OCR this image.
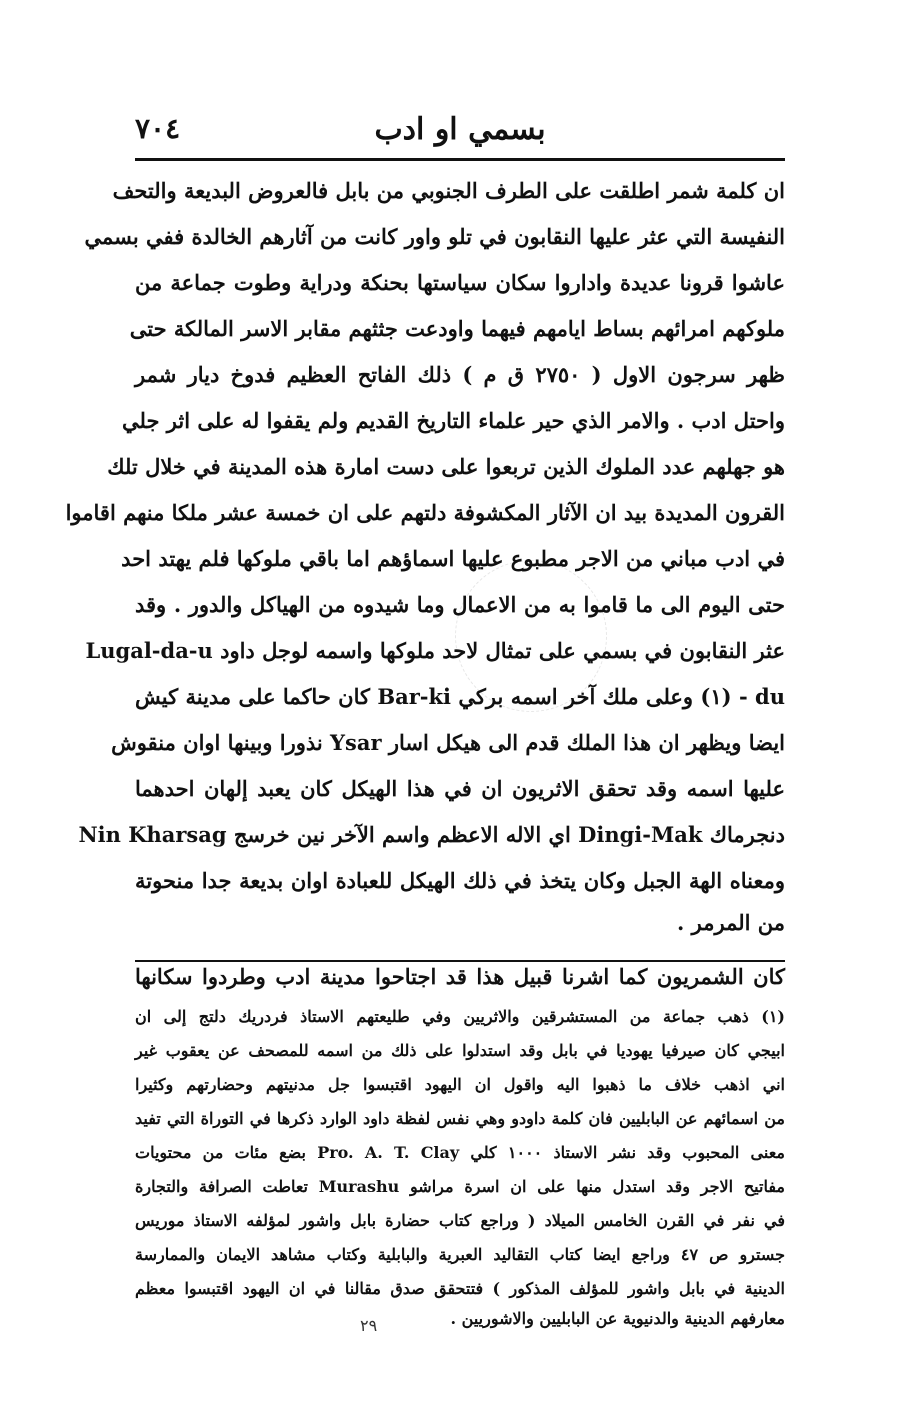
٧٠٤	بسمي او ادب
ان كلمة شمر اطلقت على الطرف الجنوبي من بابل فالعروض البديعة والتحف
النفيسة التي عثر عليها النقابون في تلو واور كانت من آثارهم الخالدة ففي بسمي
عاشوا قرونا عديدة واداروا سكان سياستها بحنكة ودراية وطوت جماعة من
ملوكهم امرائهم بساط ايامهم فيهما واودعت جثثهم مقابر الاسر المالكة حتى
ظهر سرجون الاول ( ٢٧٥٠ ق م ) ذلك الفاتح العظيم فدوخ ديار شمر
واحتل ادب . والامر الذي حير علماء التاريخ القديم ولم يقفوا له على اثر جلي
هو جهلهم عدد الملوك الذين تربعوا على دست امارة هذه المدينة في خلال تلك
القرون المديدة بيد ان الآثار المكشوفة دلتهم على ان خمسة عشر ملكا منهم اقاموا
في ادب مباني من الاجر مطبوع عليها اسماؤهم اما باقي ملوكها فلم يهتد احد
حتى اليوم الى ما قاموا به من الاعمال وما شيدوه من الهياكل والدور . وقد
عثر النقابون في بسمي على تمثال لاحد ملوكها واسمه لوجل داود Lugal-da-u
du - (١) وعلى ملك آخر اسمه بركي Bar-ki كان حاكما على مدينة كيش
ايضا ويظهر ان هذا الملك قدم الى هيكل اسار Ysar نذورا وبينها اوان منقوش
عليها اسمه وقد تحقق الاثريون ان في هذا الهيكل كان يعبد إلهان احدهما
دنجرماك Dingi-Mak اي الاله الاعظم واسم الآخر نين خرسج Nin Kharsag
ومعناه الهة الجبل وكان يتخذ في ذلك الهيكل للعبادة اوان بديعة جدا منحوتة
من المرمر .
كان الشمريون كما اشرنا قبيل هذا قد اجتاحوا مدينة ادب وطردوا سكانها
(١) ذهب جماعة من المستشرقين والاثريين وفي طليعتهم الاستاذ فردريك دلتج إلى ان
ابيجي كان صيرفيا يهوديا في بابل وقد استدلوا على ذلك من اسمه للمصحف عن يعقوب غير
اني اذهب خلاف ما ذهبوا اليه واقول ان اليهود اقتبسوا جل مدنيتهم وحضارتهم وكثيرا
من اسمائهم عن البابليين فان كلمة داودو وهي نفس لفظة داود الوارد ذكرها في التوراة التي تفيد
معنى المحبوب وقد نشر الاستاذ ١٠٠٠ كلي Pro. A. T. Clay بضع مئات من محتويات
مفاتيح الاجر وقد استدل منها على ان اسرة مراشو Murashu تعاطت الصرافة والتجارة
في نفر في القرن الخامس الميلاد ( وراجع كتاب حضارة بابل واشور لمؤلفه الاستاذ موريس
جسترو ص ٤٧ وراجع ايضا كتاب التقاليد العبرية والبابلية وكتاب مشاهد الايمان والممارسة
الدينية في بابل واشور للمؤلف المذكور ) فتتحقق صدق مقالنا في ان اليهود اقتبسوا معظم
معارفهم الدينية والدنيوية عن البابليين والاشوريين .
٢٩
